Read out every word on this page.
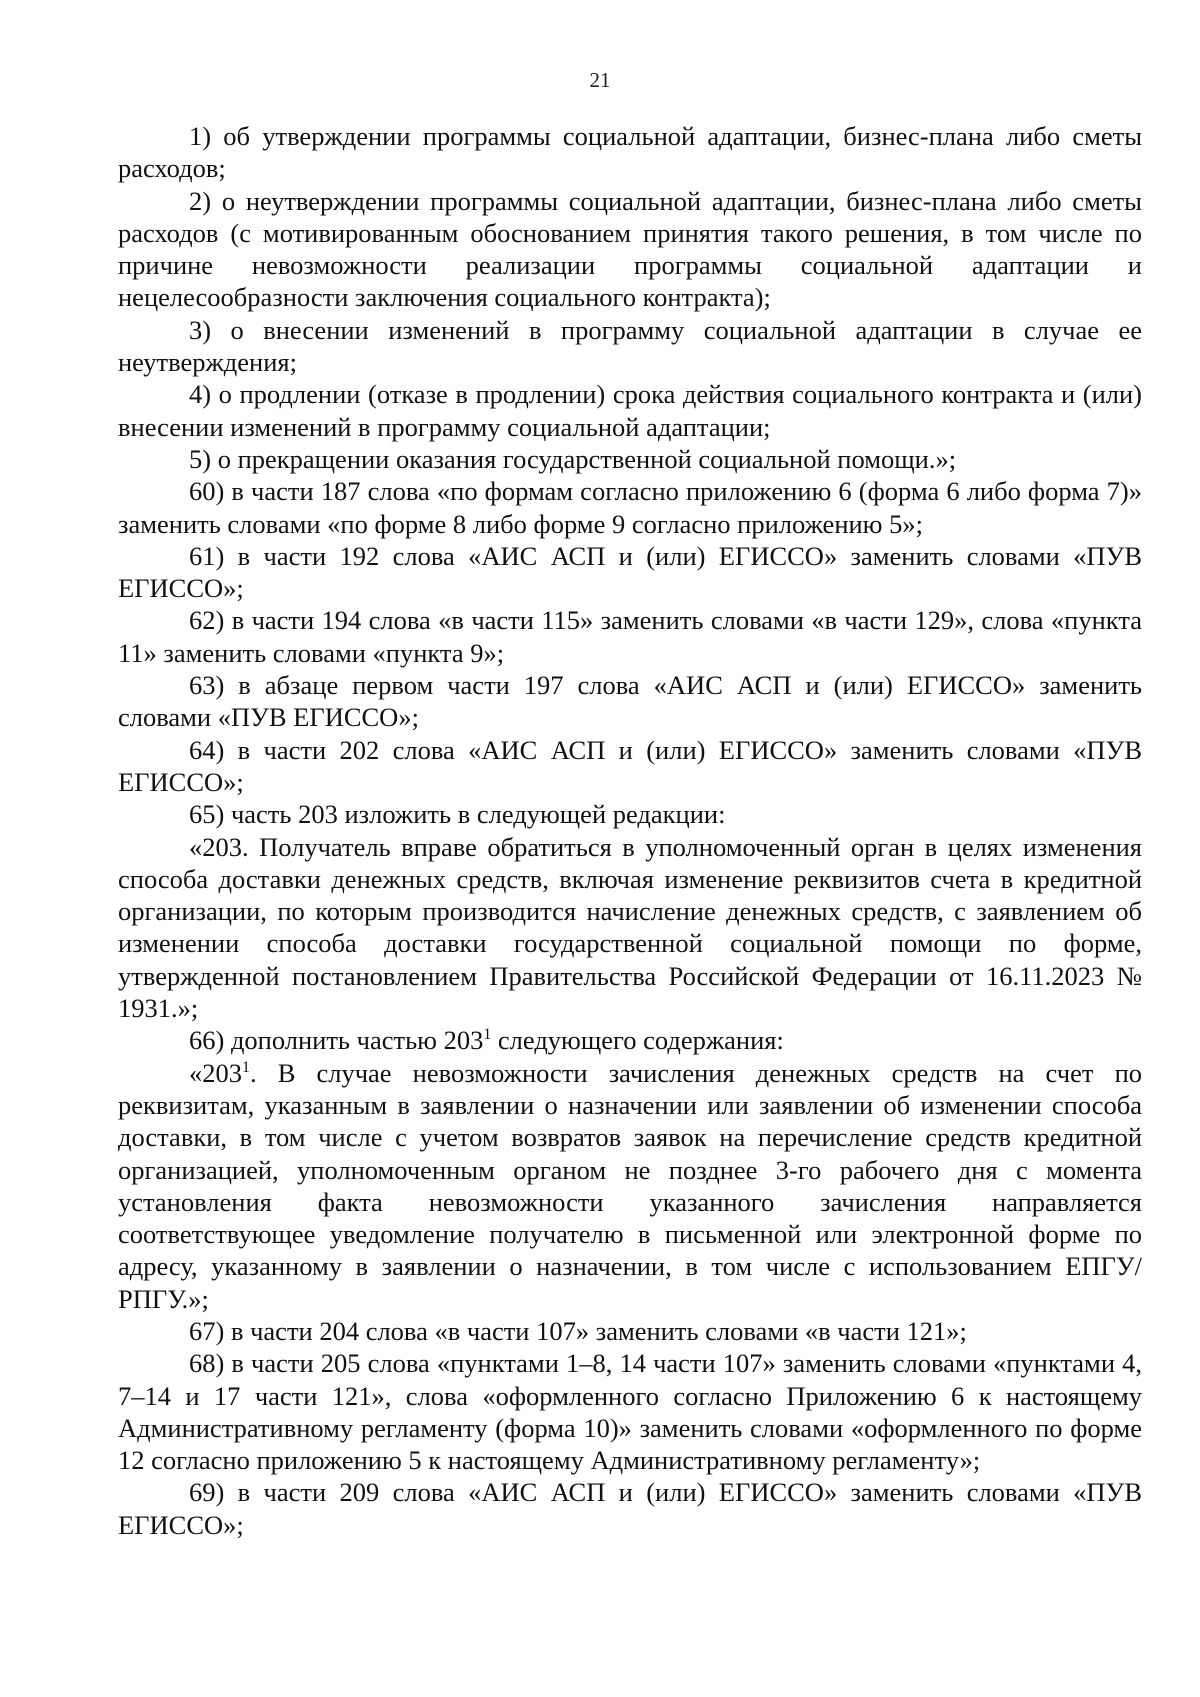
21

1) об утверждении программы социальной адаптации, бизнес-плана либо сметы расходов;

2) о неутверждении программы социальной адаптации, бизнес-плана либо сметы расходов (с мотивированным обоснованием принятия такого решения, в том числе по причине невозможности реализации программы социальной адаптации и нецелесообразности заключения социального контракта);

3) о внесении изменений в программу социальной адаптации в случае ее неутверждения;

4) о продлении (отказе в продлении) срока действия социального контракта и (или) внесении изменений в программу социальной адаптации;

5) о прекращении оказания государственной социальной помощи.»;

60) в части 187 слова «по формам согласно приложению 6 (форма 6 либо форма 7)» заменить словами «по форме 8 либо форме 9 согласно приложению 5»;

61) в части 192 слова «АИС АСП и (или) ЕГИССО» заменить словами «ПУВ ЕГИССО»;

62) в части 194 слова «в части 115» заменить словами «в части 129», слова «пункта 11» заменить словами «пункта 9»;

63) в абзаце первом части 197 слова «АИС АСП и (или) ЕГИССО» заменить словами «ПУВ ЕГИССО»;

64) в части 202 слова «АИС АСП и (или) ЕГИССО» заменить словами «ПУВ ЕГИССО»;

65) часть 203 изложить в следующей редакции:

«203. Получатель вправе обратиться в уполномоченный орган в целях изменения способа доставки денежных средств, включая изменение реквизитов счета в кредитной организации, по которым производится начисление денежных средств, с заявлением об изменении способа доставки государственной социальной помощи по форме, утвержденной постановлением Правительства Российской Федерации от 16.11.2023 № 1931.»;

66) дополнить частью $203^1$ следующего содержания:

«$203^1$. В случае невозможности зачисления денежных средств на счет по реквизитам, указанным в заявлении о назначении или заявлении об изменении способа доставки, в том числе с учетом возвратов заявок на перечисление средств кредитной организацией, уполномоченным органом не позднее 3-го рабочего дня с момента установления факта невозможности указанного зачисления направляется соответствующее уведомление получателю в письменной или электронной форме по адресу, указанному в заявлении о назначении, в том числе с использованием ЕПГУ/РПГУ.»;

67) в части 204 слова «в части 107» заменить словами «в части 121»;

68) в части 205 слова «пунктами 1–8, 14 части 107» заменить словами «пунктами 4, 7–14 и 17 части 121», слова «оформленного согласно Приложению 6 к настоящему Административному регламенту (форма 10)» заменить словами «оформленного по форме 12 согласно приложению 5 к настоящему Административному регламенту»;

69) в части 209 слова «АИС АСП и (или) ЕГИССО» заменить словами «ПУВ ЕГИССО»;
